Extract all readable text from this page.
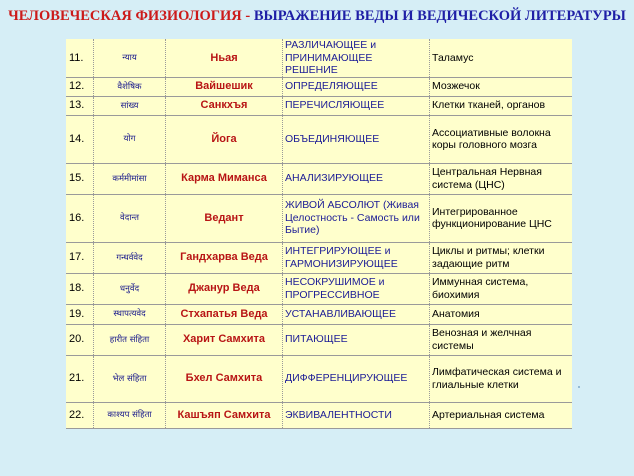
ЧЕЛОВЕЧЕСКАЯ ФИЗИОЛОГИЯ - ВЫРАЖЕНИЕ ВЕДЫ И ВЕДИЧЕСКОЙ ЛИТЕРАТУРЫ
11.	न्याय	Ньая	РАЗЛИЧАЮЩЕЕ и ПРИНИМАЮЩЕЕ РЕШЕНИЕ	Таламус
12.	वैशेषिक	Вайшешик	ОПРЕДЕЛЯЮЩЕЕ	Мозжечок
13.	सांख्य	Санкхъя	ПЕРЕЧИСЛЯЮЩЕЕ	Клетки тканей, органов
14.	योग	Йога	ОБЪЕДИНЯЮЩЕЕ	Ассоциативные волокна коры головного мозга
15.	कर्ममीमांसा	Карма Миманса	АНАЛИЗИРУЮЩЕЕ	Центральная Нервная система (ЦНС)
16.	वेदान्त	Ведант	ЖИВОЙ АБСОЛЮТ (Живая Целостность - Самость или Бытие)	Интегрированное функционирование ЦНС
17.	गन्धर्ववेद	Гандхарва Веда	ИНТЕГРИРУЮЩЕЕ и ГАРМОНИЗИРУЮЩЕЕ	Циклы и ритмы; клетки задающие ритм
18.	धनुर्वेद	Джанур Веда	НЕСОКРУШИМОЕ и ПРОГРЕССИВНОЕ	Иммунная система, биохимия
19.	स्थापत्यवेद	Стхапатья Веда	УСТАНАВЛИВАЮЩЕЕ	Анатомия
20.	हारीत संहिता	Харит Самхита	ПИТАЮЩЕЕ	Венозная и желчная системы
21.	भेल संहिता	Бхел Самхита	ДИФФЕРЕНЦИРУЮЩЕЕ	Лимфатическая система и глиальные клетки
22.	काश्यप संहिता	Кашъяп Самхита	ЭКВИВАЛЕНТНОСТИ	Артериальная система
